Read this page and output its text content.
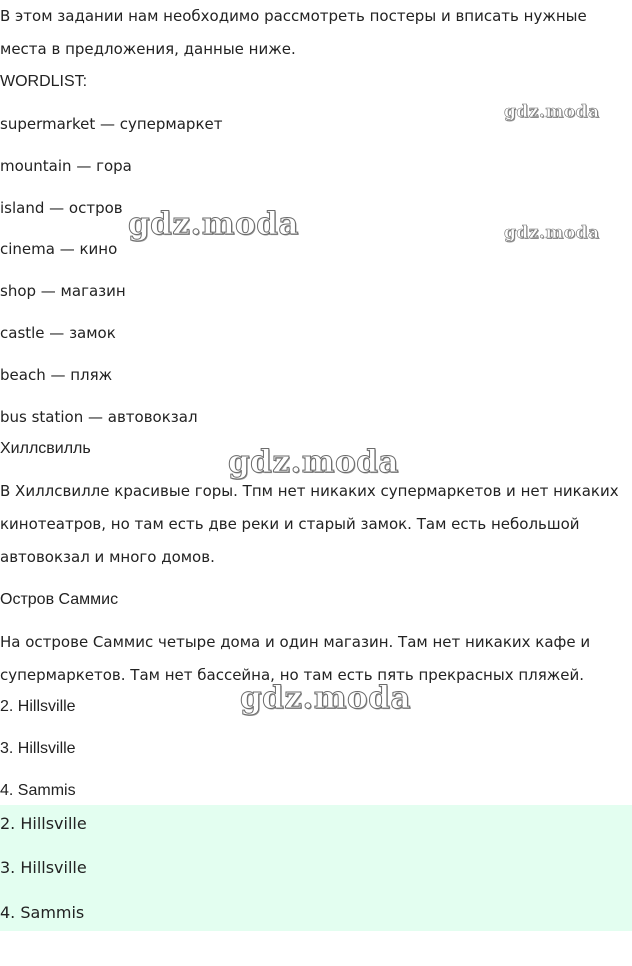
В этом задании нам необходимо рассмотреть постеры и вписать нужные

места в предложения, данные ниже.

WORDLIST:

supermarket — супермаркет

mountain — гора

island — остров

cinema — кино

shop — магазин

castle — замок

beach — пляж

bus station — автовокзал

Хиллсвилль

В Хиллсвилле красивые горы. Тпм нет никаких супермаркетов и нет никаких

кинотеатров, но там есть две реки и старый замок. Там есть небольшой

автовокзал и много домов.

Остров Саммис

На острове Саммис четыре дома и один магазин. Там нет никаких кафе и

супермаркетов. Там нет бассейна, но там есть пять прекрасных пляжей.

2. Hillsville

3. Hillsville

4. Sammis

2. Hillsville

3. Hillsville

4. Sammis

gdz.moda
gdz.moda
gdz.moda
gdz.moda
gdz.moda
